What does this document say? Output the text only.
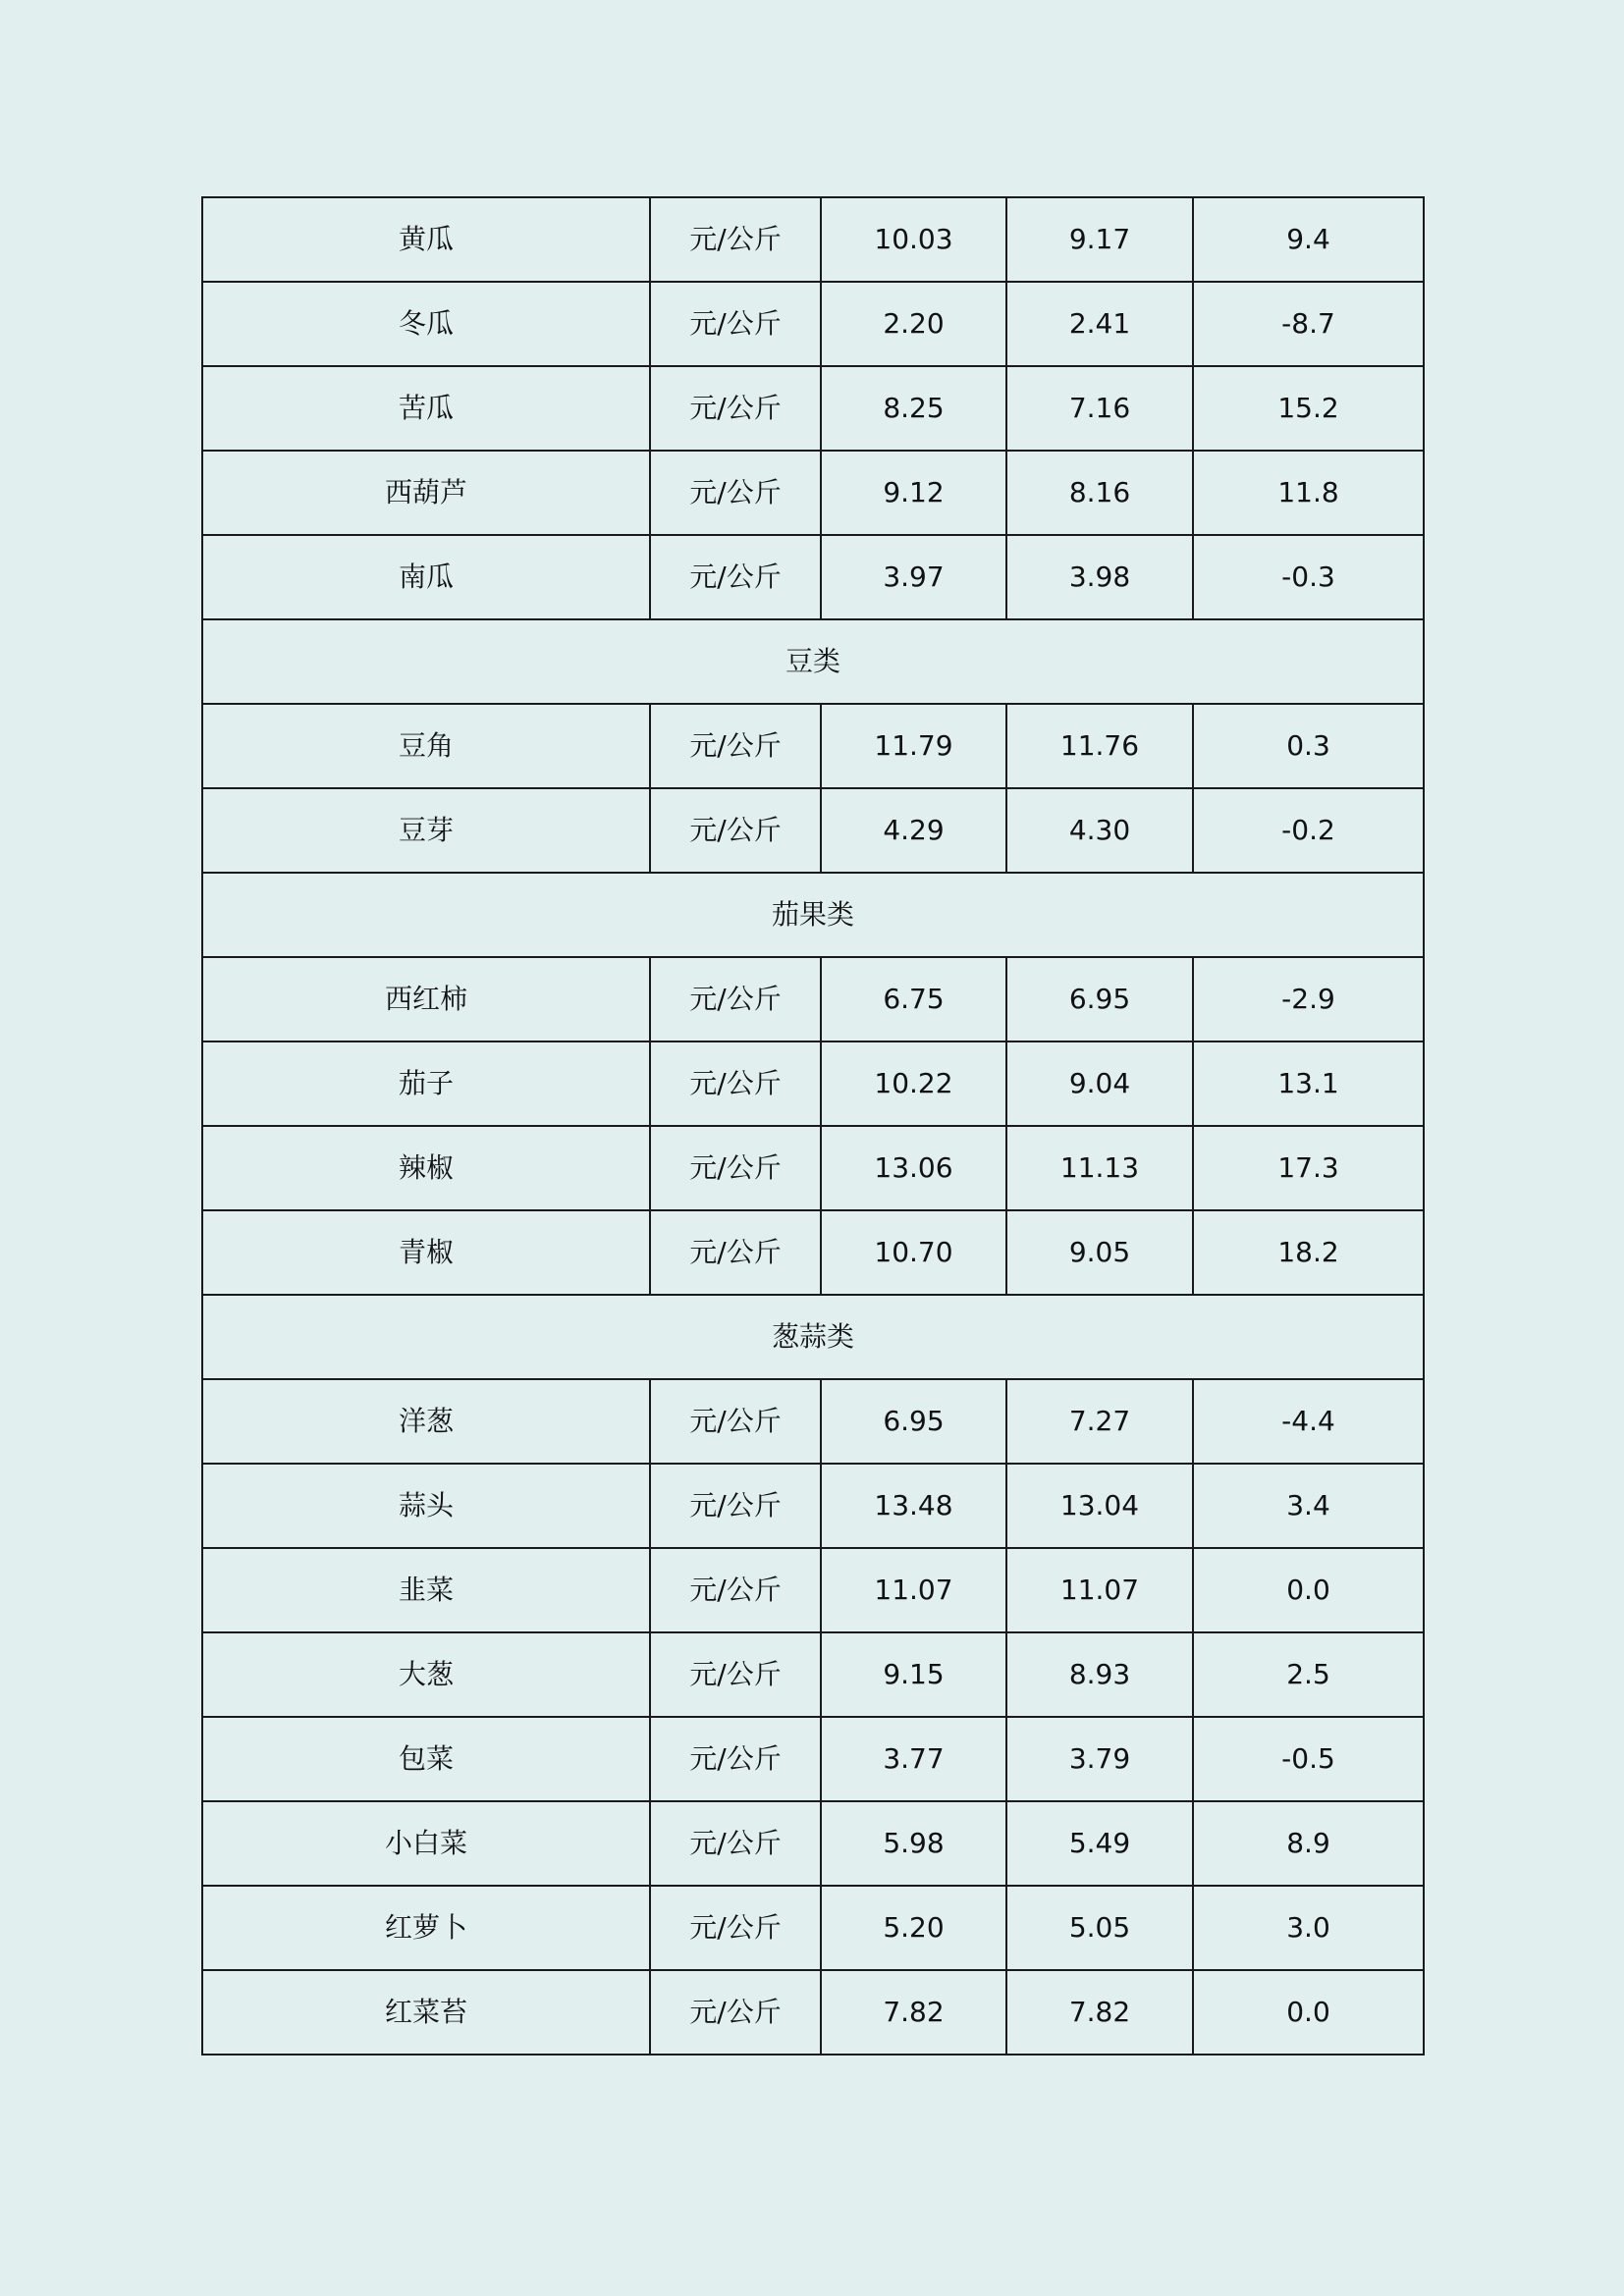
黄瓜	元/公斤	10.03	9.17	9.4
冬瓜	元/公斤	2.20	2.41	-8.7
苦瓜	元/公斤	8.25	7.16	15.2
西葫芦	元/公斤	9.12	8.16	11.8
南瓜	元/公斤	3.97	3.98	-0.3
豆类				
豆角	元/公斤	11.79	11.76	0.3
豆芽	元/公斤	4.29	4.30	-0.2
茄果类				
西红柿	元/公斤	6.75	6.95	-2.9
茄子	元/公斤	10.22	9.04	13.1
辣椒	元/公斤	13.06	11.13	17.3
青椒	元/公斤	10.70	9.05	18.2
葱蒜类				
洋葱	元/公斤	6.95	7.27	-4.4
蒜头	元/公斤	13.48	13.04	3.4
韭菜	元/公斤	11.07	11.07	0.0
大葱	元/公斤	9.15	8.93	2.5
包菜	元/公斤	3.77	3.79	-0.5
小白菜	元/公斤	5.98	5.49	8.9
红萝卜	元/公斤	5.20	5.05	3.0
红菜苔	元/公斤	7.82	7.82	0.0
